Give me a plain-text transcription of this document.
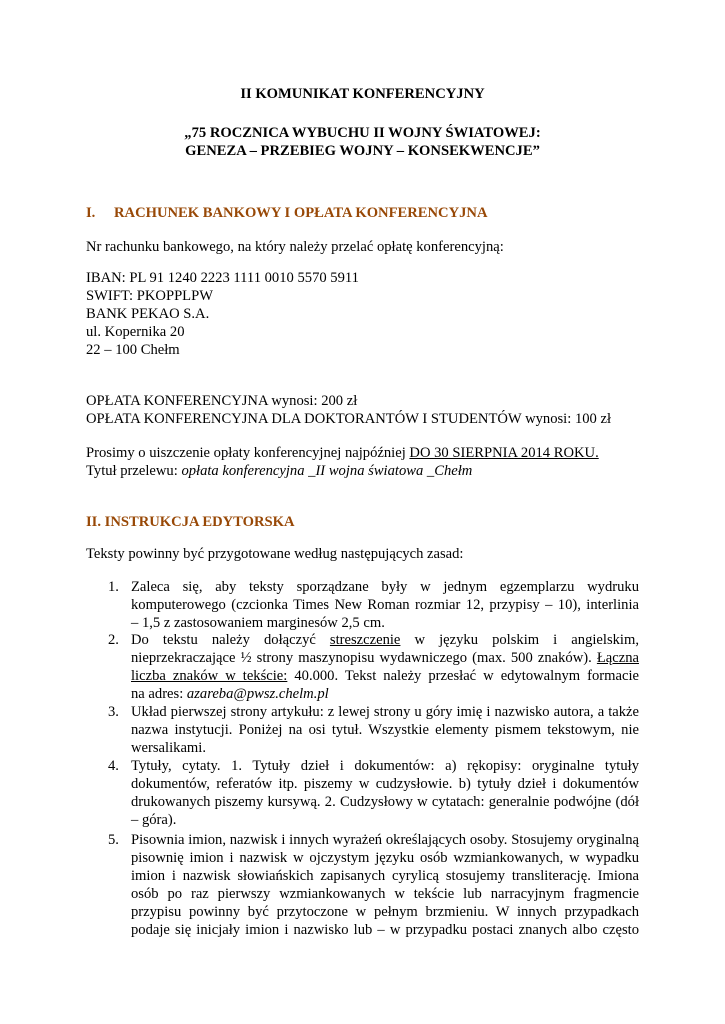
II KOMUNIKAT KONFERENCYJNY
„75 ROCZNICA WYBUCHU II WOJNY ŚWIATOWEJ:
GENEZA – PRZEBIEG WOJNY – KONSEKWENCJE”
I. RACHUNEK BANKOWY I OPŁATA KONFERENCYJNA
Nr rachunku bankowego, na który należy przelać opłatę konferencyjną:
IBAN: PL 91 1240 2223 1111 0010 5570 5911
SWIFT: PKOPPLPW
BANK PEKAO S.A.
ul. Kopernika 20
22 – 100 Chełm
OPŁATA KONFERENCYJNA wynosi: 200 zł
OPŁATA KONFERENCYJNA DLA DOKTORANTÓW I STUDENTÓW wynosi: 100 zł
Prosimy o uiszczenie opłaty konferencyjnej najpóźniej DO 30 SIERPNIA 2014 ROKU.
Tytuł przelewu: opłata konferencyjna _II wojna światowa _Chełm
II. INSTRUKCJA EDYTORSKA
Teksty powinny być przygotowane według następujących zasad:
1. Zaleca się, aby teksty sporządzane były w jednym egzemplarzu wydruku
komputerowego (czcionka Times New Roman rozmiar 12, przypisy – 10), interlinia
– 1,5 z zastosowaniem marginesów 2,5 cm.
2. Do tekstu należy dołączyć streszczenie w języku polskim i angielskim,
nieprzekraczające ½ strony maszynopisu wydawniczego (max. 500 znaków). Łączna
liczba znaków w tekście: 40.000. Tekst należy przesłać w edytowalnym formacie
na adres: azareba@pwsz.chelm.pl
3. Układ pierwszej strony artykułu: z lewej strony u góry imię i nazwisko autora, a także
nazwa instytucji. Poniżej na osi tytuł. Wszystkie elementy pismem tekstowym, nie
wersalikami.
4. Tytuły, cytaty. 1. Tytuły dzieł i dokumentów: a) rękopisy: oryginalne tytuły
dokumentów, referatów itp. piszemy w cudzysłowie. b) tytuły dzieł i dokumentów
drukowanych piszemy kursywą. 2. Cudzysłowy w cytatach: generalnie podwójne (dół
– góra).
5. Pisownia imion, nazwisk i innych wyrażeń określających osoby. Stosujemy oryginalną
pisownię imion i nazwisk w ojczystym języku osób wzmiankowanych, w wypadku
imion i nazwisk słowiańskich zapisanych cyrylicą stosujemy transliterację. Imiona
osób po raz pierwszy wzmiankowanych w tekście lub narracyjnym fragmencie
przypisu powinny być przytoczone w pełnym brzmieniu. W innych przypadkach
podaje się inicjały imion i nazwisko lub – w przypadku postaci znanych albo często
